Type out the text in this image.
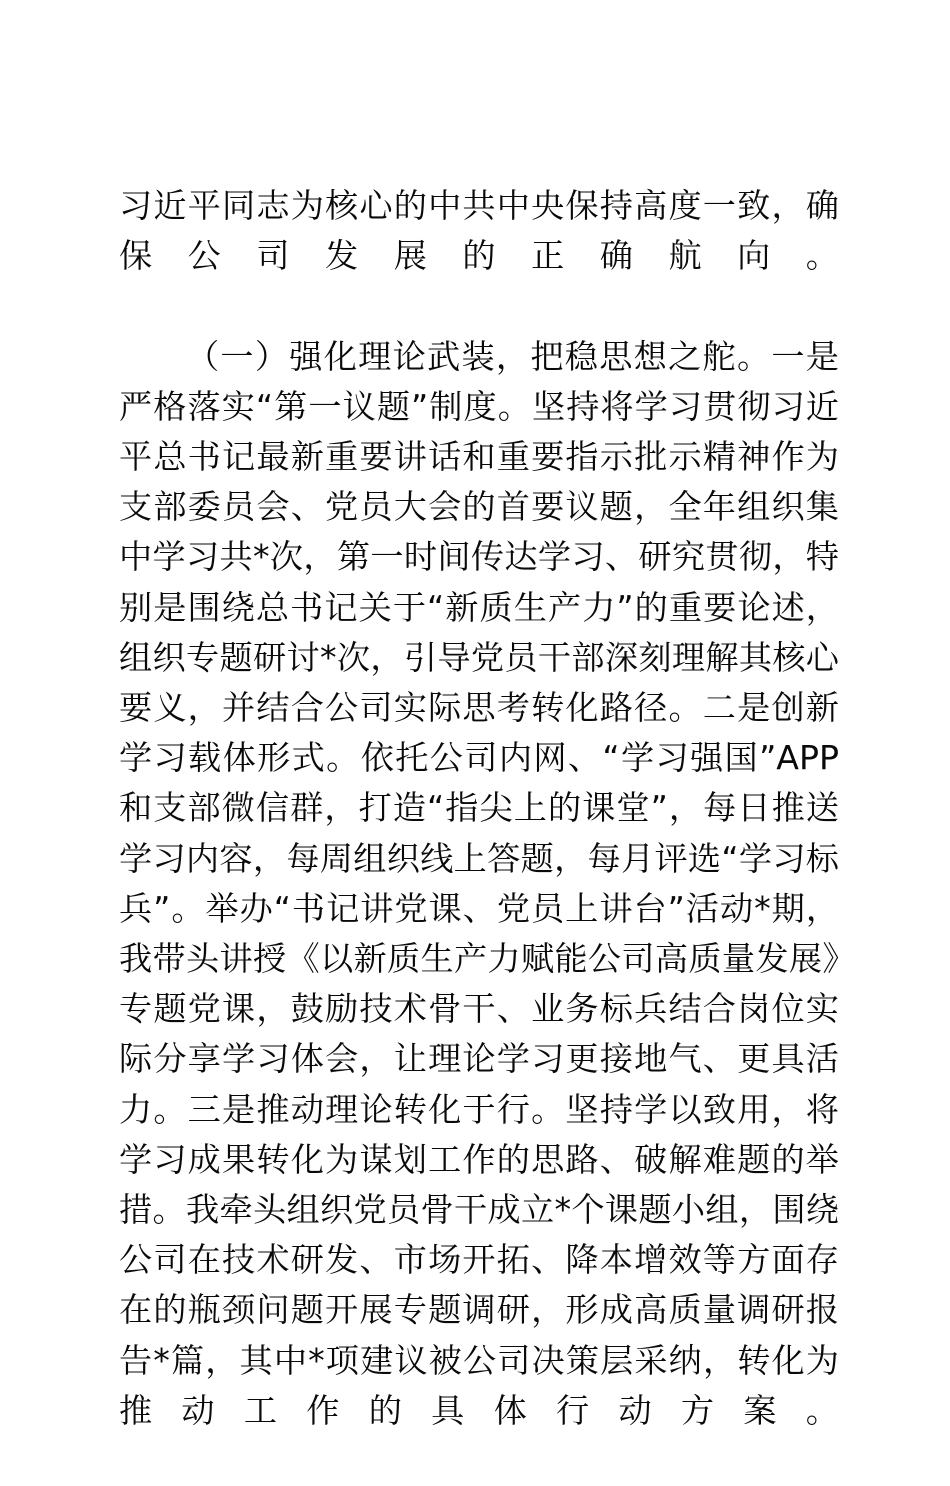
习近平同志为核心的中共中央保持高度一致，确保公司发展的正确航向。

（一）强化理论武装，把稳思想之舵。一是严格落实“第一议题”制度。坚持将学习贯彻习近平总书记最新重要讲话和重要指示批示精神作为支部委员会、党员大会的首要议题，全年组织集中学习共*次，第一时间传达学习、研究贯彻，特别是围绕总书记关于“新质生产力”的重要论述，组织专题研讨*次，引导党员干部深刻理解其核心要义，并结合公司实际思考转化路径。二是创新学习载体形式。依托公司内网、“学习强国”APP和支部微信群，打造“指尖上的课堂”，每日推送学习内容，每周组织线上答题，每月评选“学习标兵”。举办“书记讲党课、党员上讲台”活动*期，我带头讲授《以新质生产力赋能公司高质量发展》专题党课，鼓励技术骨干、业务标兵结合岗位实际分享学习体会，让理论学习更接地气、更具活力。三是推动理论转化于行。坚持学以致用，将学习成果转化为谋划工作的思路、破解难题的举措。我牵头组织党员骨干成立*个课题小组，围绕公司在技术研发、市场开拓、降本增效等方面存在的瓶颈问题开展专题调研，形成高质量调研报告*篇，其中*项建议被公司决策层采纳，转化为推动工作的具体行动方案。
